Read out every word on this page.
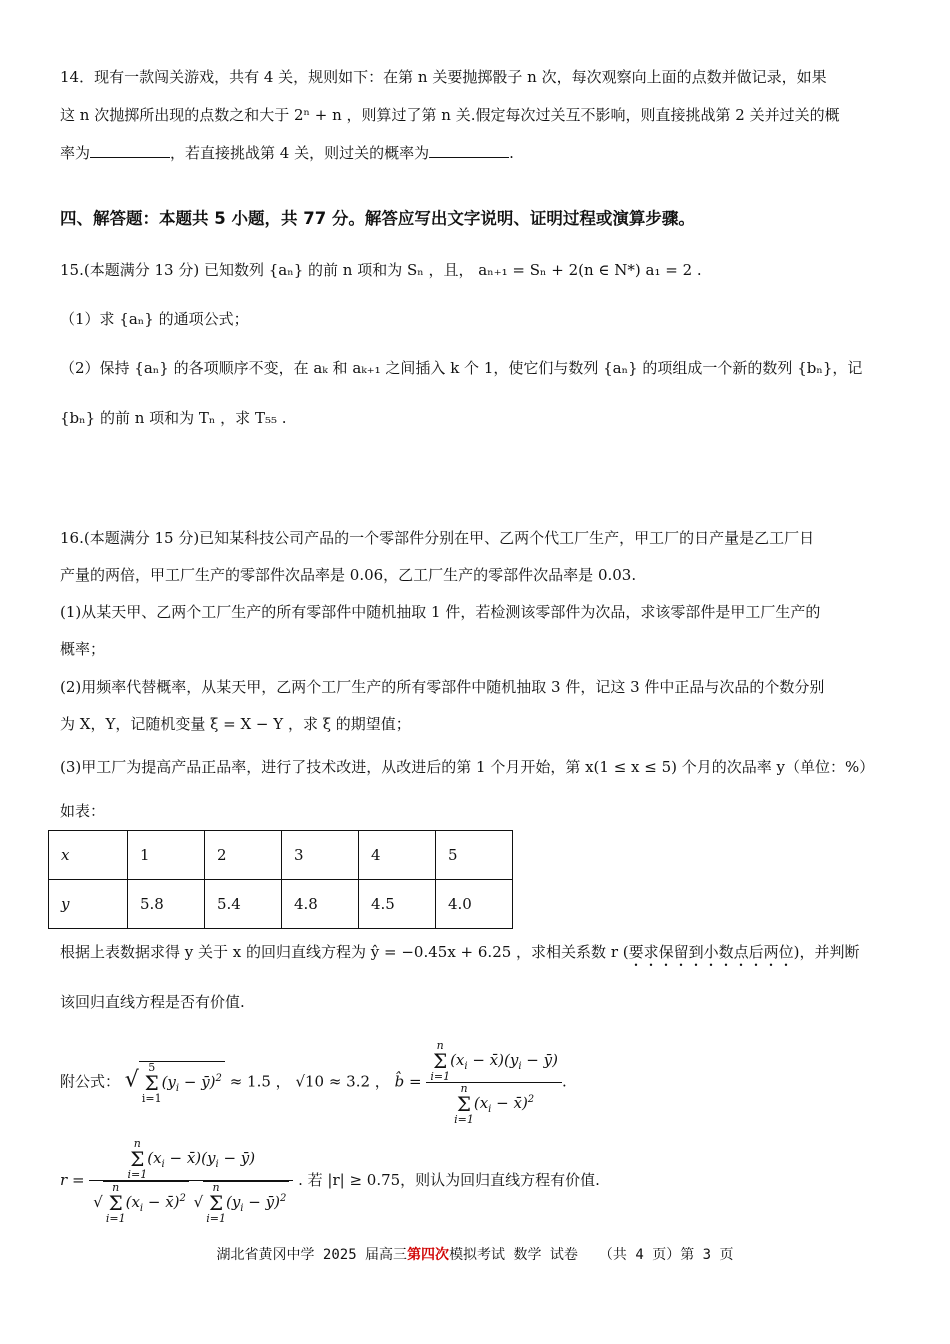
14．现有一款闯关游戏，共有 4 关，规则如下：在第 n 关要抛掷骰子 n 次，每次观察向上面的点数并做记录，如果
这 n 次抛掷所出现的点数之和大于 2ⁿ + n ，则算过了第 n 关.假定每次过关互不影响，则直接挑战第 2 关并过关的概
率为	，若直接挑战第 4 关，则过关的概率为	.
四、解答题：本题共 5 小题，共 77 分。解答应写出文字说明、证明过程或演算步骤。
15.(本题满分 13 分) 已知数列 {aₙ} 的前 n 项和为 Sₙ ，且， aₙ₊₁ = Sₙ + 2(n ∈ N*) a₁ = 2 .
（1）求 {aₙ} 的通项公式；
（2）保持 {aₙ} 的各项顺序不变，在 aₖ 和 aₖ₊₁ 之间插入 k 个 1，使它们与数列 {aₙ} 的项组成一个新的数列 {bₙ}，记
{bₙ} 的前 n 项和为 Tₙ ，求 T₅₅ .
16.(本题满分 15 分)已知某科技公司产品的一个零部件分别在甲、乙两个代工厂生产，甲工厂的日产量是乙工厂日
产量的两倍，甲工厂生产的零部件次品率是 0.06，乙工厂生产的零部件次品率是 0.03.
(1)从某天甲、乙两个工厂生产的所有零部件中随机抽取 1 件，若检测该零部件为次品，求该零部件是甲工厂生产的
概率；
(2)用频率代替概率，从某天甲，乙两个工厂生产的所有零部件中随机抽取 3 件，记这 3 件中正品与次品的个数分别
为 X，Y，记随机变量 ξ = X − Y ，求 ξ 的期望值；
(3)甲工厂为提高产品正品率，进行了技术改进，从改进后的第 1 个月开始，第 x(1 ≤ x ≤ 5) 个月的次品率 y（单位：%）
如表：
x	1	2	3	4	5
y	5.8	5.4	4.8	4.5	4.0
根据上表数据求得 y 关于 x 的回归直线方程为 ŷ = −0.45x + 6.25 ，求相关系数 r (要求保留到小数点后两位)，并判断
该回归直线方程是否有价值.
附公式： √5
Σ
$i=1(y_i$ − ȳ)$^2$ ≈ 1.5 ， √10 ≈ 3.2 ， b̂ = n
Σ
$i=1(x_i$ − $x̄)(y_i$ − ȳ)
n
Σ
$i=1(x_i$ − x̄)$^2$ .
r = n
Σ
$i=1(x_i$ − $x̄)(y_i$ − ȳ)
√n
Σ
$i=1(x_i$ − x̄)$^2$ √n
Σ
$i=1(y_i$ − ȳ)$^2$ . 若 |r| ≥ 0.75，则认为回归直线方程有价值.
湖北省黄冈中学 2025 届高三第四次模拟考试 数学 试卷　　（共 4 页）第 3 页
